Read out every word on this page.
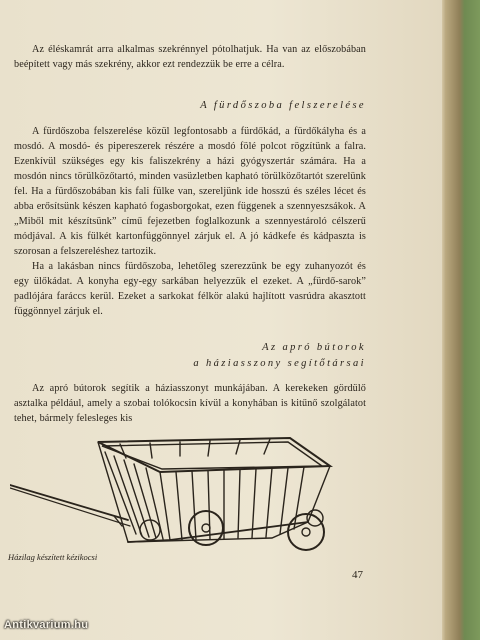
Az éléskamrát arra alkalmas szekrénnyel pótolhatjuk. Ha van az előszobában beépített vagy más szekrény, akkor ezt rendezzük be erre a célra.

A fürdőszoba felszerelése

A fürdőszoba felszerelése közül legfontosabb a fürdőkád, a fürdőkályha és a mosdó. A mosdó- és pipereszerek részére a mosdó fölé polcot rögzítünk a falra. Ezenkívül szükséges egy kis faliszekrény a házi gyógyszertár számára. Ha a mosdón nincs törülközőtartó, minden vasüzletben kapható törülközőtartót szerelünk fel. Ha a fürdőszobában kis fali fülke van, szereljünk ide hosszú és széles lécet és abba erősítsünk készen kapható fogasborgokat, ezen függenek a szennyeszsákok. A „Miből mit készítsünk” című fejezetben foglalkozunk a szennyestároló célszerű módjával. A kis fülkét kartonfüggönnyel zárjuk el. A jó kádkefe és kádpaszta is szorosan a felszereléshez tartozik.

Ha a lakásban nincs fürdőszoba, lehetőleg szerezzünk be egy zuhanyozót és egy ülőkádat. A konyha egy-egy sarkában helyezzük el ezeket. A „fürdő-sarok” padlójára faráccs kerül. Ezeket a sarkokat félkör alakú hajlított vasrúdra akasztott függönnyel zárjuk el.

Az apró bútorok
a háziasszony segítőtársai

Az apró bútorok segítik a háziasszonyt munkájában. A kerekeken gördülő asztalka például, amely a szobai tolókocsin kívül a konyhában is kitűnő szolgálatot tehet, bármely felesleges kis

Házilag készített kézikocsi
47
Antikvarium.hu
